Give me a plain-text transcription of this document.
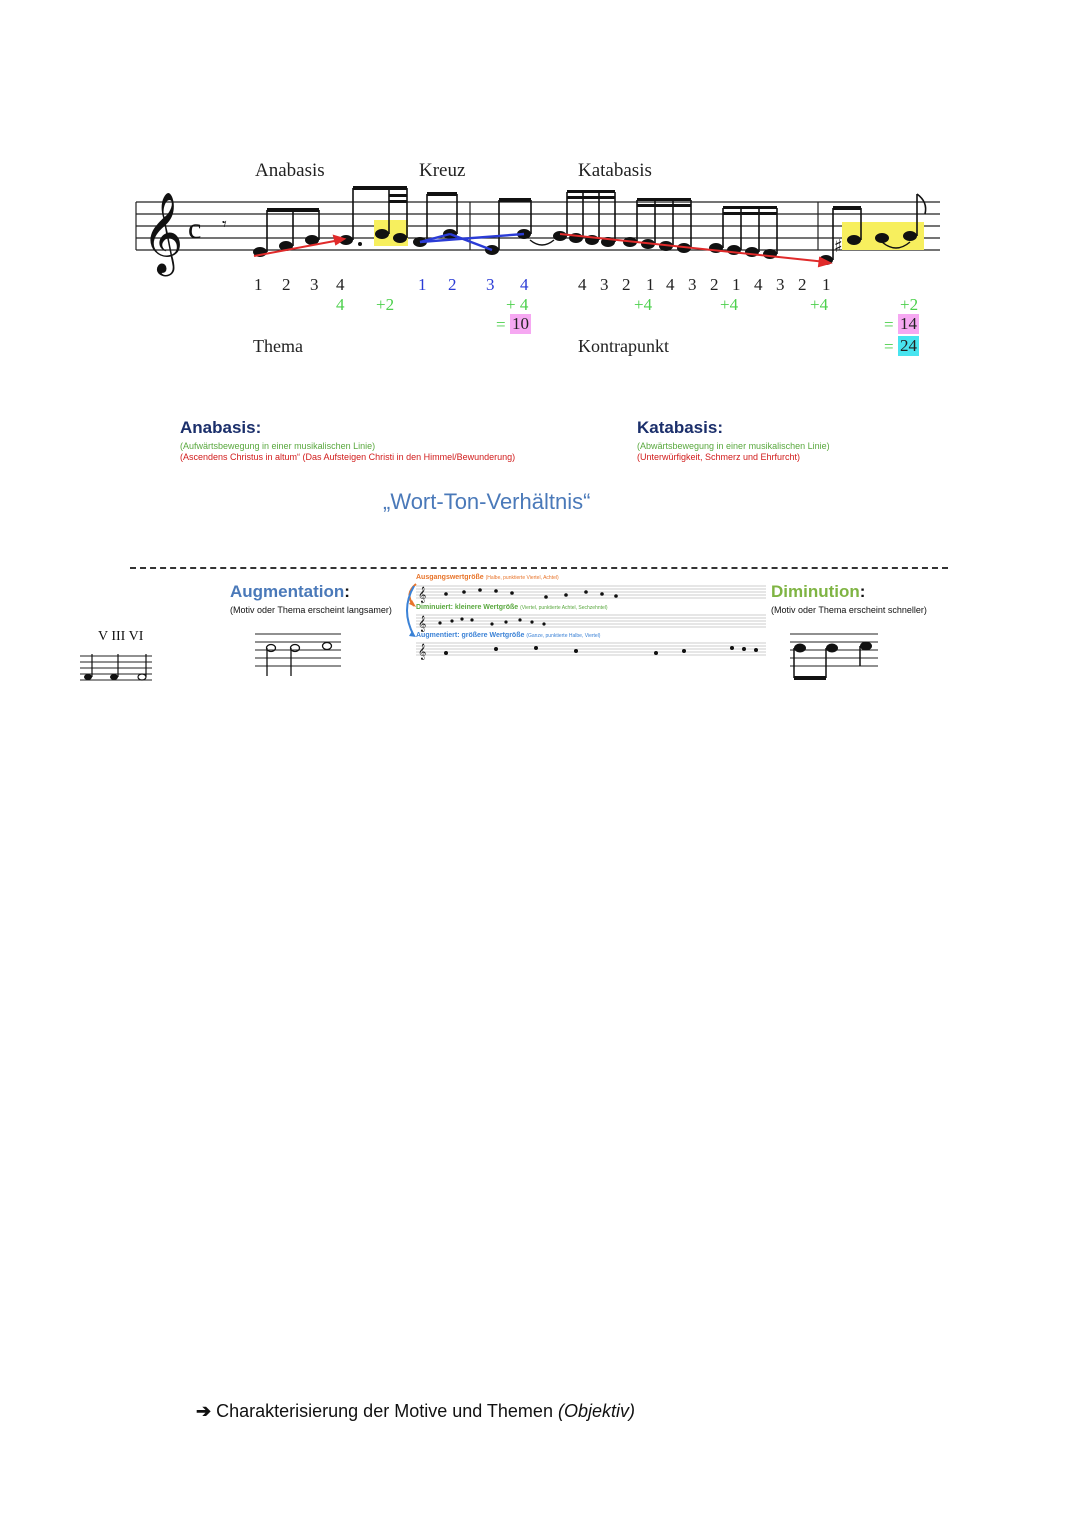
Anabasis	Kreuz	Katabasis
𝄞 c 𝄾
♯
1 2 3 4	1 2 3 4	4 3 2 1 4 3 2 1 4 3 2 1
4 +2	+ 4	+4	+4	+4	+2
= 10	= 14
= 24
Thema	Kontrapunkt
Anabasis:
(Aufwärtsbewegung in einer musikalischen Linie)
(Ascendens Christus in altum“ (Das Aufsteigen Christi in den Himmel/Bewunderung)
Katabasis:
(Abwärtsbewegung in einer musikalischen Linie)
(Unterwürfigkeit, Schmerz und Ehrfurcht)
„Wort-Ton-Verhältnis“
Augmentation:
(Motiv oder Thema erscheint langsamer)
Diminution:
(Motiv oder Thema erscheint schneller)
Ausgangswertgröße (Halbe, punktierte Viertel, Achtel)
Diminuiert: kleinere Wertgröße (Viertel, punktierte Achtel, Sechzehntel)
Augmentiert: größere Wertgröße (Ganze, punktierte Halbe, Viertel)
𝄞
𝄞
𝄞
V III VI
➔ Charakterisierung der Motive und Themen (Objektiv)
